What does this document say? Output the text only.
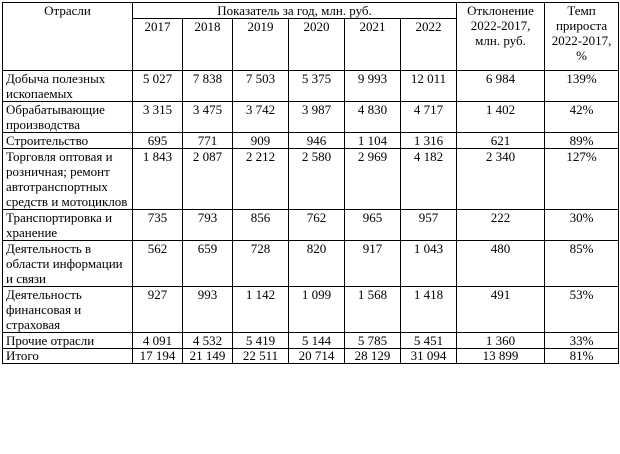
Отрасли	Показатель за год, млн. руб.						Отклонение 2022-2017, млн. руб.	Темп прироста 2022-2017, %
	2017	2018	2019	2020	2021	2022		
Добыча полезных ископаемых	5 027	7 838	7 503	5 375	9 993	12 011	6 984	139%
Обрабатывающие производства	3 315	3 475	3 742	3 987	4 830	4 717	1 402	42%
Строительство	695	771	909	946	1 104	1 316	621	89%
Торговля оптовая и розничная; ремонт автотранспортных средств и мотоциклов	1 843	2 087	2 212	2 580	2 969	4 182	2 340	127%
Транспортировка и хранение	735	793	856	762	965	957	222	30%
Деятельность в области информации и связи	562	659	728	820	917	1 043	480	85%
Деятельность финансовая и страховая	927	993	1 142	1 099	1 568	1 418	491	53%
Прочие отрасли	4 091	4 532	5 419	5 144	5 785	5 451	1 360	33%
Итого	17 194	21 149	22 511	20 714	28 129	31 094	13 899	81%
